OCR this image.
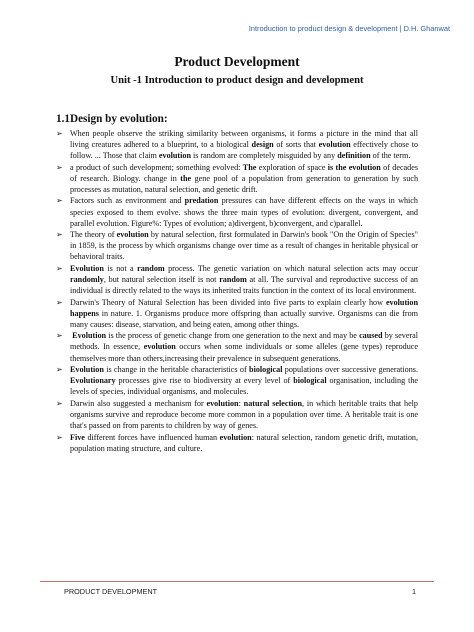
Introduction to product design & development | D.H. Ghanwat
Product Development
Unit -1 Introduction to product design and development
1.1Design by evolution:
➢ When people observe the striking similarity between organisms, it forms a picture in the mind that all living creatures adhered to a blueprint, to a biological design of sorts that evolution effectively chose to follow. ... Those that claim evolution is random are completely misguided by any definition of the term.
➢ a product of such development; something evolved: The exploration of space is the evolution of decades of research. Biology. change in the gene pool of a population from generation to generation by such processes as mutation, natural selection, and genetic drift.
➢ Factors such as environment and predation pressures can have different effects on the ways in which species exposed to them evolve. shows the three main types of evolution: divergent, convergent, and parallel evolution. Figure%: Types of evolution; a)divergent, b)convergent, and c)parallel.
➢ The theory of evolution by natural selection, first formulated in Darwin's book "On the Origin of Species" in 1859, is the process by which organisms change over time as a result of changes in heritable physical or behavioral traits.
➢ Evolution is not a random process. The genetic variation on which natural selection acts may occur randomly, but natural selection itself is not random at all. The survival and reproductive success of an individual is directly related to the ways its inherited traits function in the context of its local environment.
➢ Darwin's Theory of Natural Selection has been divided into five parts to explain clearly how evolution happens in nature. 1. Organisms produce more offspring than actually survive. Organisms can die from many causes: disease, starvation, and being eaten, among other things.
➢ Evolution is the process of genetic change from one generation to the next and may be caused by several methods. In essence, evolution occurs when some individuals or some alleles (gene types) reproduce themselves more than others,increasing their prevalence in subsequent generations.
➢ Evolution is change in the heritable characteristics of biological populations over successive generations. Evolutionary processes give rise to biodiversity at every level of biological organisation, including the levels of species, individual organisms, and molecules.
➢ Darwin also suggested a mechanism for evolution: natural selection, in which heritable traits that help organisms survive and reproduce become more common in a population over time. A heritable trait is one that's passed on from parents to children by way of genes.
➢ Five different forces have influenced human evolution: natural selection, random genetic drift, mutation, population mating structure, and culture.
PRODUCT DEVELOPMENT	1
